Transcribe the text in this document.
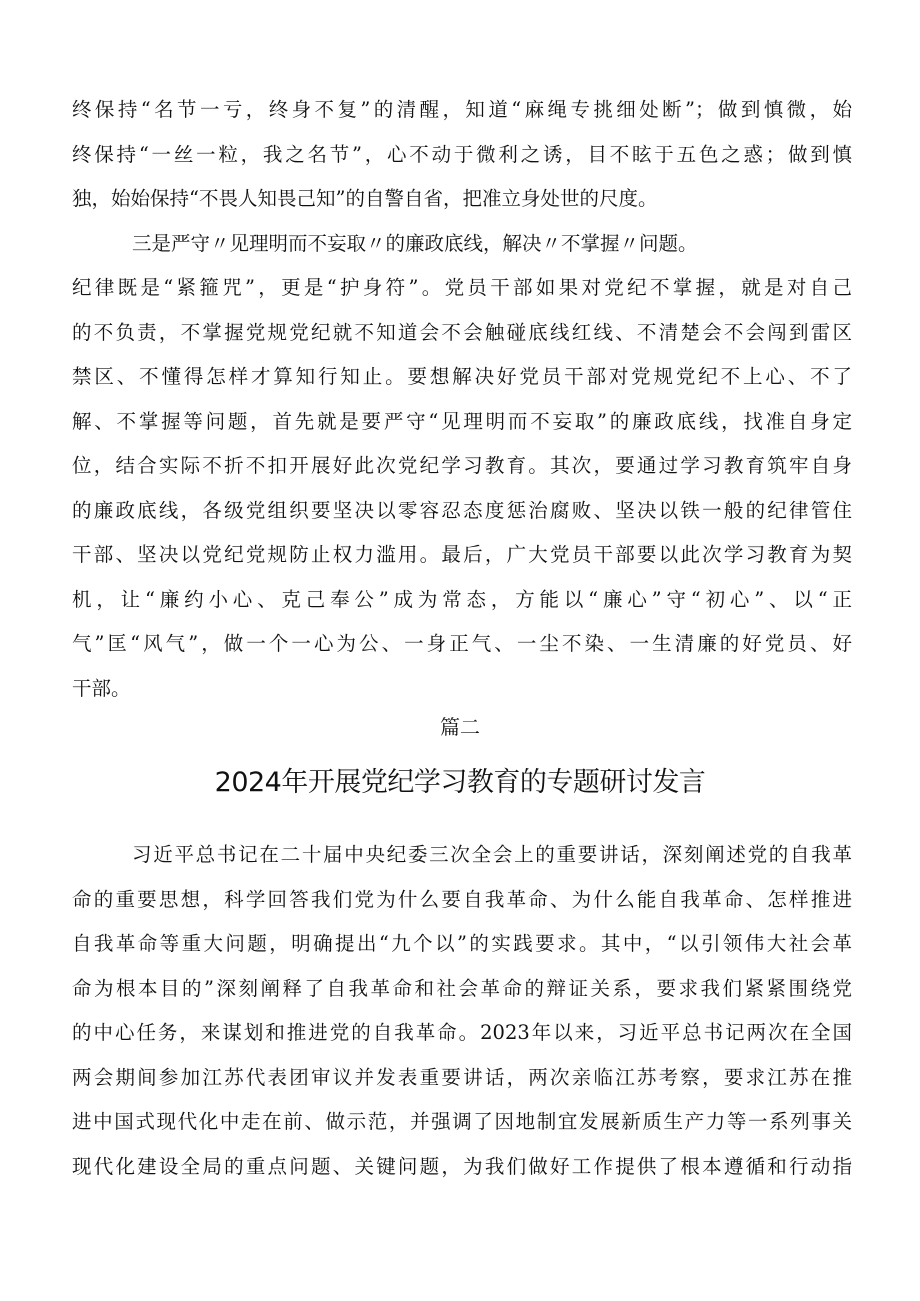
终保持“名节一亏，终身不复”的清醒，知道“麻绳专挑细处断”；做到慎微，始
终保持“一丝一粒，我之名节”，心不动于微利之诱，目不眩于五色之惑；做到慎
独，始始保持“不畏人知畏己知”的自警自省，把准立身处世的尺度。
三是严守〃见理明而不妄取〃的廉政底线，解决〃不掌握〃问题。
纪律既是“紧箍咒”，更是“护身符”。党员干部如果对党纪不掌握，就是对自己
的不负责，不掌握党规党纪就不知道会不会触碰底线红线、不清楚会不会闯到雷区
禁区、不懂得怎样才算知行知止。要想解决好党员干部对党规党纪不上心、不了
解、不掌握等问题，首先就是要严守“见理明而不妄取”的廉政底线，找准自身定
位，结合实际不折不扣开展好此次党纪学习教育。其次，要通过学习教育筑牢自身
的廉政底线，各级党组织要坚决以零容忍态度惩治腐败、坚决以铁一般的纪律管住
干部、坚决以党纪党规防止权力滥用。最后，广大党员干部要以此次学习教育为契
机，让“廉约小心、克己奉公”成为常态，方能以“廉心”守“初心”、以“正
气”匡“风气”，做一个一心为公、一身正气、一尘不染、一生清廉的好党员、好
干部。
篇二
2024年开展党纪学习教育的专题研讨发言
习近平总书记在二十届中央纪委三次全会上的重要讲话，深刻阐述党的自我革
命的重要思想，科学回答我们党为什么要自我革命、为什么能自我革命、怎样推进
自我革命等重大问题，明确提出“九个以”的实践要求。其中，“以引领伟大社会革
命为根本目的”深刻阐释了自我革命和社会革命的辩证关系，要求我们紧紧围绕党
的中心任务，来谋划和推进党的自我革命。2023年以来，习近平总书记两次在全国
两会期间参加江苏代表团审议并发表重要讲话，两次亲临江苏考察，要求江苏在推
进中国式现代化中走在前、做示范，并强调了因地制宜发展新质生产力等一系列事关
现代化建设全局的重点问题、关键问题，为我们做好工作提供了根本遵循和行动指
